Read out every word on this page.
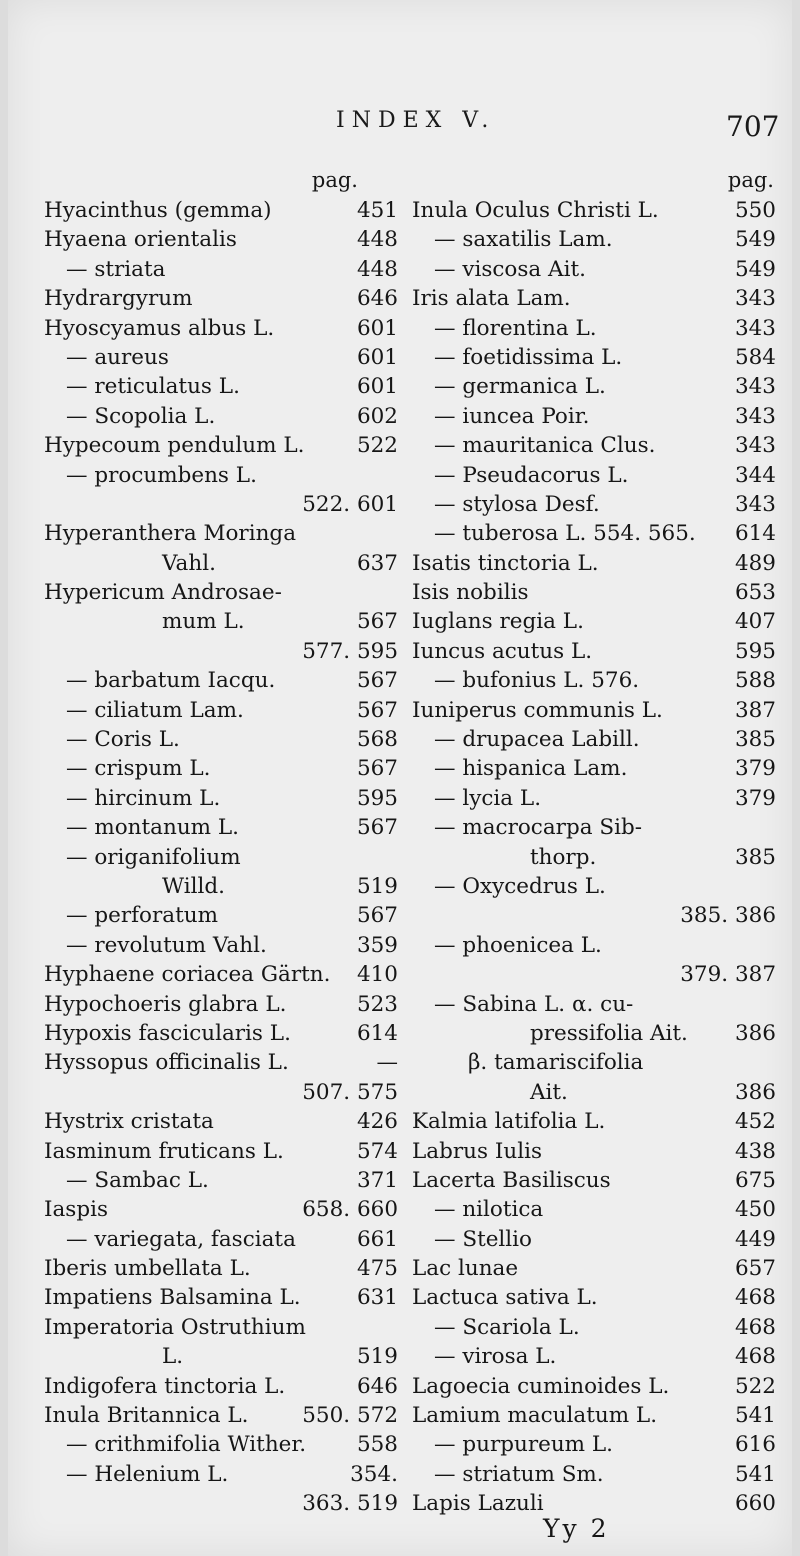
INDEX V.	707
pag.
Hyacinthus (gemma)	451
Hyaena orientalis	448
— striata	448
Hydrargyrum	646
Hyoscyamus albus L.	601
— aureus	601
— reticulatus L.	601
— Scopolia L.	602
Hypecoum pendulum L. 522
— procumbens L.
522. 601
Hyperanthera Moringa
Vahl.	637
Hypericum Androsae-
mum L.	567
577. 595
— barbatum Iacqu.	567
— ciliatum Lam.	567
— Coris L.	568
— crispum L.	567
— hircinum L.	595
— montanum L.	567
— origanifolium
Willd.	519
— perforatum	567
— revolutum Vahl.	359
Hyphaene coriacea Gärtn. 410
Hypochoeris glabra L.	523
Hypoxis fascicularis L.	614
Hyssopus officinalis L.	—
507. 575
Hystrix cristata	426
Iasminum fruticans L.	574
— Sambac L.	371
Iaspis	658. 660
— variegata, fasciata	661
Iberis umbellata L.	475
Impatiens Balsamina L.	631
Imperatoria Ostruthium
L.	519
Indigofera tinctoria L.	646
Inula Britannica L. 550. 572
— crithmifolia Wither. 558
— Helenium L.	354.
363. 519
pag.
Inula Oculus Christi L.	550
— saxatilis Lam.	549
— viscosa Ait.	549
Iris alata Lam.	343
— florentina L.	343
— foetidissima L.	584
— germanica L.	343
— iuncea Poir.	343
— mauritanica Clus.	343
— Pseudacorus L.	344
— stylosa Desf.	343
— tuberosa L. 554. 565. 614
Isatis tinctoria L.	489
Isis nobilis	653
Iuglans regia L.	407
Iuncus acutus L.	595
— bufonius L. 576.	588
Iuniperus communis L.	387
— drupacea Labill.	385
— hispanica Lam.	379
— lycia L.	379
— macrocarpa Sib-
thorp.	385
— Oxycedrus L.
385. 386
— phoenicea L.
379. 387
— Sabina L. α. cu-
pressifolia Ait. 386
β. tamariscifolia
Ait.	386
Kalmia latifolia L.	452
Labrus Iulis	438
Lacerta Basiliscus	675
— nilotica	450
— Stellio	449
Lac lunae	657
Lactuca sativa L.	468
— Scariola L.	468
— virosa L.	468
Lagoecia cuminoides L.	522
Lamium maculatum L.	541
— purpureum L.	616
— striatum Sm.	541
Lapis Lazuli	660
Yy 2
